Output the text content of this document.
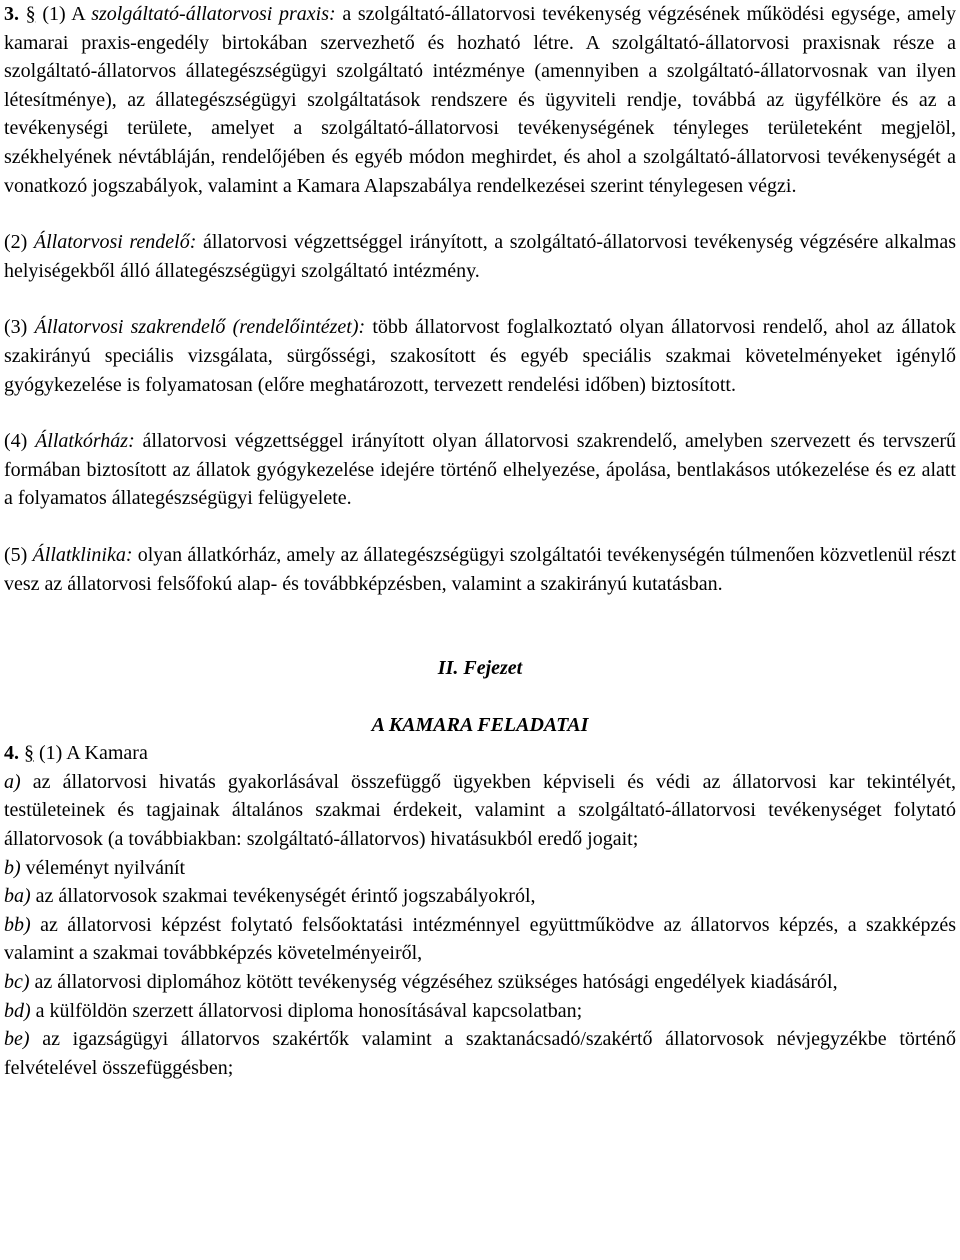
3. § (1) A szolgáltató-állatorvosi praxis: a szolgáltató-állatorvosi tevékenység végzésének működési egysége, amely kamarai praxis-engedély birtokában szervezhető és hozható létre. A szolgáltató-állatorvosi praxisnak része a szolgáltató-állatorvos állategészségügyi szolgáltató intézménye (amennyiben a szolgáltató-állatorvosnak van ilyen létesítménye), az állategészségügyi szolgáltatások rendszere és ügyviteli rendje, továbbá az ügyfélköre és az a tevékenységi területe, amelyet a szolgáltató-állatorvosi tevékenységének tényleges területeként megjelöl, székhelyének névtábláján, rendelőjében és egyéb módon meghirdet, és ahol a szolgáltató-állatorvosi tevékenységét a vonatkozó jogszabályok, valamint a Kamara Alapszabálya rendelkezései szerint ténylegesen végzi.

(2) Állatorvosi rendelő: állatorvosi végzettséggel irányított, a szolgáltató-állatorvosi tevékenység végzésére alkalmas helyiségekből álló állategészségügyi szolgáltató intézmény.

(3) Állatorvosi szakrendelő (rendelőintézet): több állatorvost foglalkoztató olyan állatorvosi rendelő, ahol az állatok szakirányú speciális vizsgálata, sürgősségi, szakosított és egyéb speciális szakmai követelményeket igénylő gyógykezelése is folyamatosan (előre meghatározott, tervezett rendelési időben) biztosított.

(4) Állatkórház: állatorvosi végzettséggel irányított olyan állatorvosi szakrendelő, amelyben szervezett és tervszerű formában biztosított az állatok gyógykezelése idejére történő elhelyezése, ápolása, bentlakásos utókezelése és ez alatt a folyamatos állategészségügyi felügyelete.

(5) Állatklinika: olyan állatkórház, amely az állategészségügyi szolgáltatói tevékenységén túlmenően közvetlenül részt vesz az állatorvosi felsőfokú alap- és továbbképzésben, valamint a szakirányú kutatásban.

II. Fejezet

A KAMARA FELADATAI

4. § (1) A Kamara

a) az állatorvosi hivatás gyakorlásával összefüggő ügyekben képviseli és védi az állatorvosi kar tekintélyét, testületeinek és tagjainak általános szakmai érdekeit, valamint a szolgáltató-állatorvosi tevékenységet folytató állatorvosok (a továbbiakban: szolgáltató-állatorvos) hivatásukból eredő jogait;

b) véleményt nyilvánít

ba) az állatorvosok szakmai tevékenységét érintő jogszabályokról,

bb) az állatorvosi képzést folytató felsőoktatási intézménnyel együttműködve az állatorvos képzés, a szakképzés valamint a szakmai továbbképzés követelményeiről,

bc) az állatorvosi diplomához kötött tevékenység végzéséhez szükséges hatósági engedélyek kiadásáról,

bd) a külföldön szerzett állatorvosi diploma honosításával kapcsolatban;

be) az igazságügyi állatorvos szakértők valamint a szaktanácsadó/szakértő állatorvosok névjegyzékbe történő felvételével összefüggésben;
